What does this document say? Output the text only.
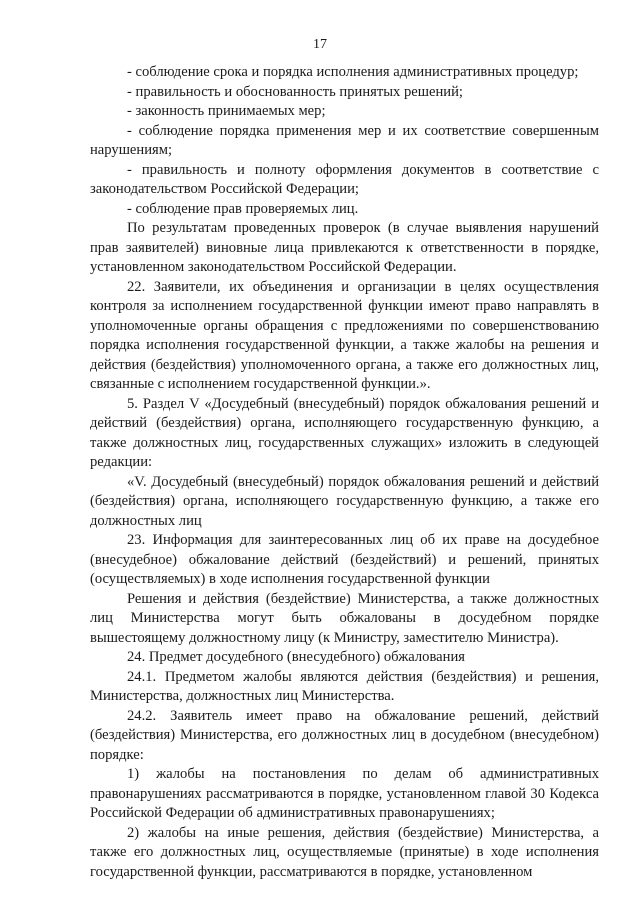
17

- соблюдение срока и порядка исполнения административных процедур;

- правильность и обоснованность принятых решений;

- законность принимаемых мер;

- соблюдение порядка применения мер и их соответствие совершенным нарушениям;

- правильность и полноту оформления документов в соответствие с законодательством Российской Федерации;

- соблюдение прав проверяемых лиц.

По результатам проведенных проверок (в случае выявления нарушений прав заявителей) виновные лица привлекаются к ответственности в порядке, установленном законодательством Российской Федерации.

22. Заявители, их объединения и организации в целях осуществления контроля за исполнением государственной функции имеют право направлять в уполномоченные органы обращения с предложениями по совершенствованию порядка исполнения государственной функции, а также жалобы на решения и действия (бездействия) уполномоченного органа, а также его должностных лиц, связанные с исполнением государственной функции.».

5. Раздел V «Досудебный (внесудебный) порядок обжалования решений и действий (бездействия) органа, исполняющего государственную функцию, а также должностных лиц, государственных служащих» изложить в следующей редакции:

«V. Досудебный (внесудебный) порядок обжалования решений и действий (бездействия) органа, исполняющего государственную функцию, а также его должностных лиц

23. Информация для заинтересованных лиц об их праве на досудебное (внесудебное) обжалование действий (бездействий) и решений, принятых (осуществляемых) в ходе исполнения государственной функции

Решения и действия (бездействие) Министерства, а также должностных лиц Министерства могут быть обжалованы в досудебном порядке вышестоящему должностному лицу (к Министру, заместителю Министра).

24. Предмет досудебного (внесудебного) обжалования

24.1. Предметом жалобы являются действия (бездействия) и решения, Министерства, должностных лиц Министерства.

24.2. Заявитель имеет право на обжалование решений, действий (бездействия) Министерства, его должностных лиц в досудебном (внесудебном) порядке:

1) жалобы на постановления по делам об административных правонарушениях рассматриваются в порядке, установленном главой 30 Кодекса Российской Федерации об административных правонарушениях;

2) жалобы на иные решения, действия (бездействие) Министерства, а также его должностных лиц, осуществляемые (принятые) в ходе исполнения государственной функции, рассматриваются в порядке, установленном
